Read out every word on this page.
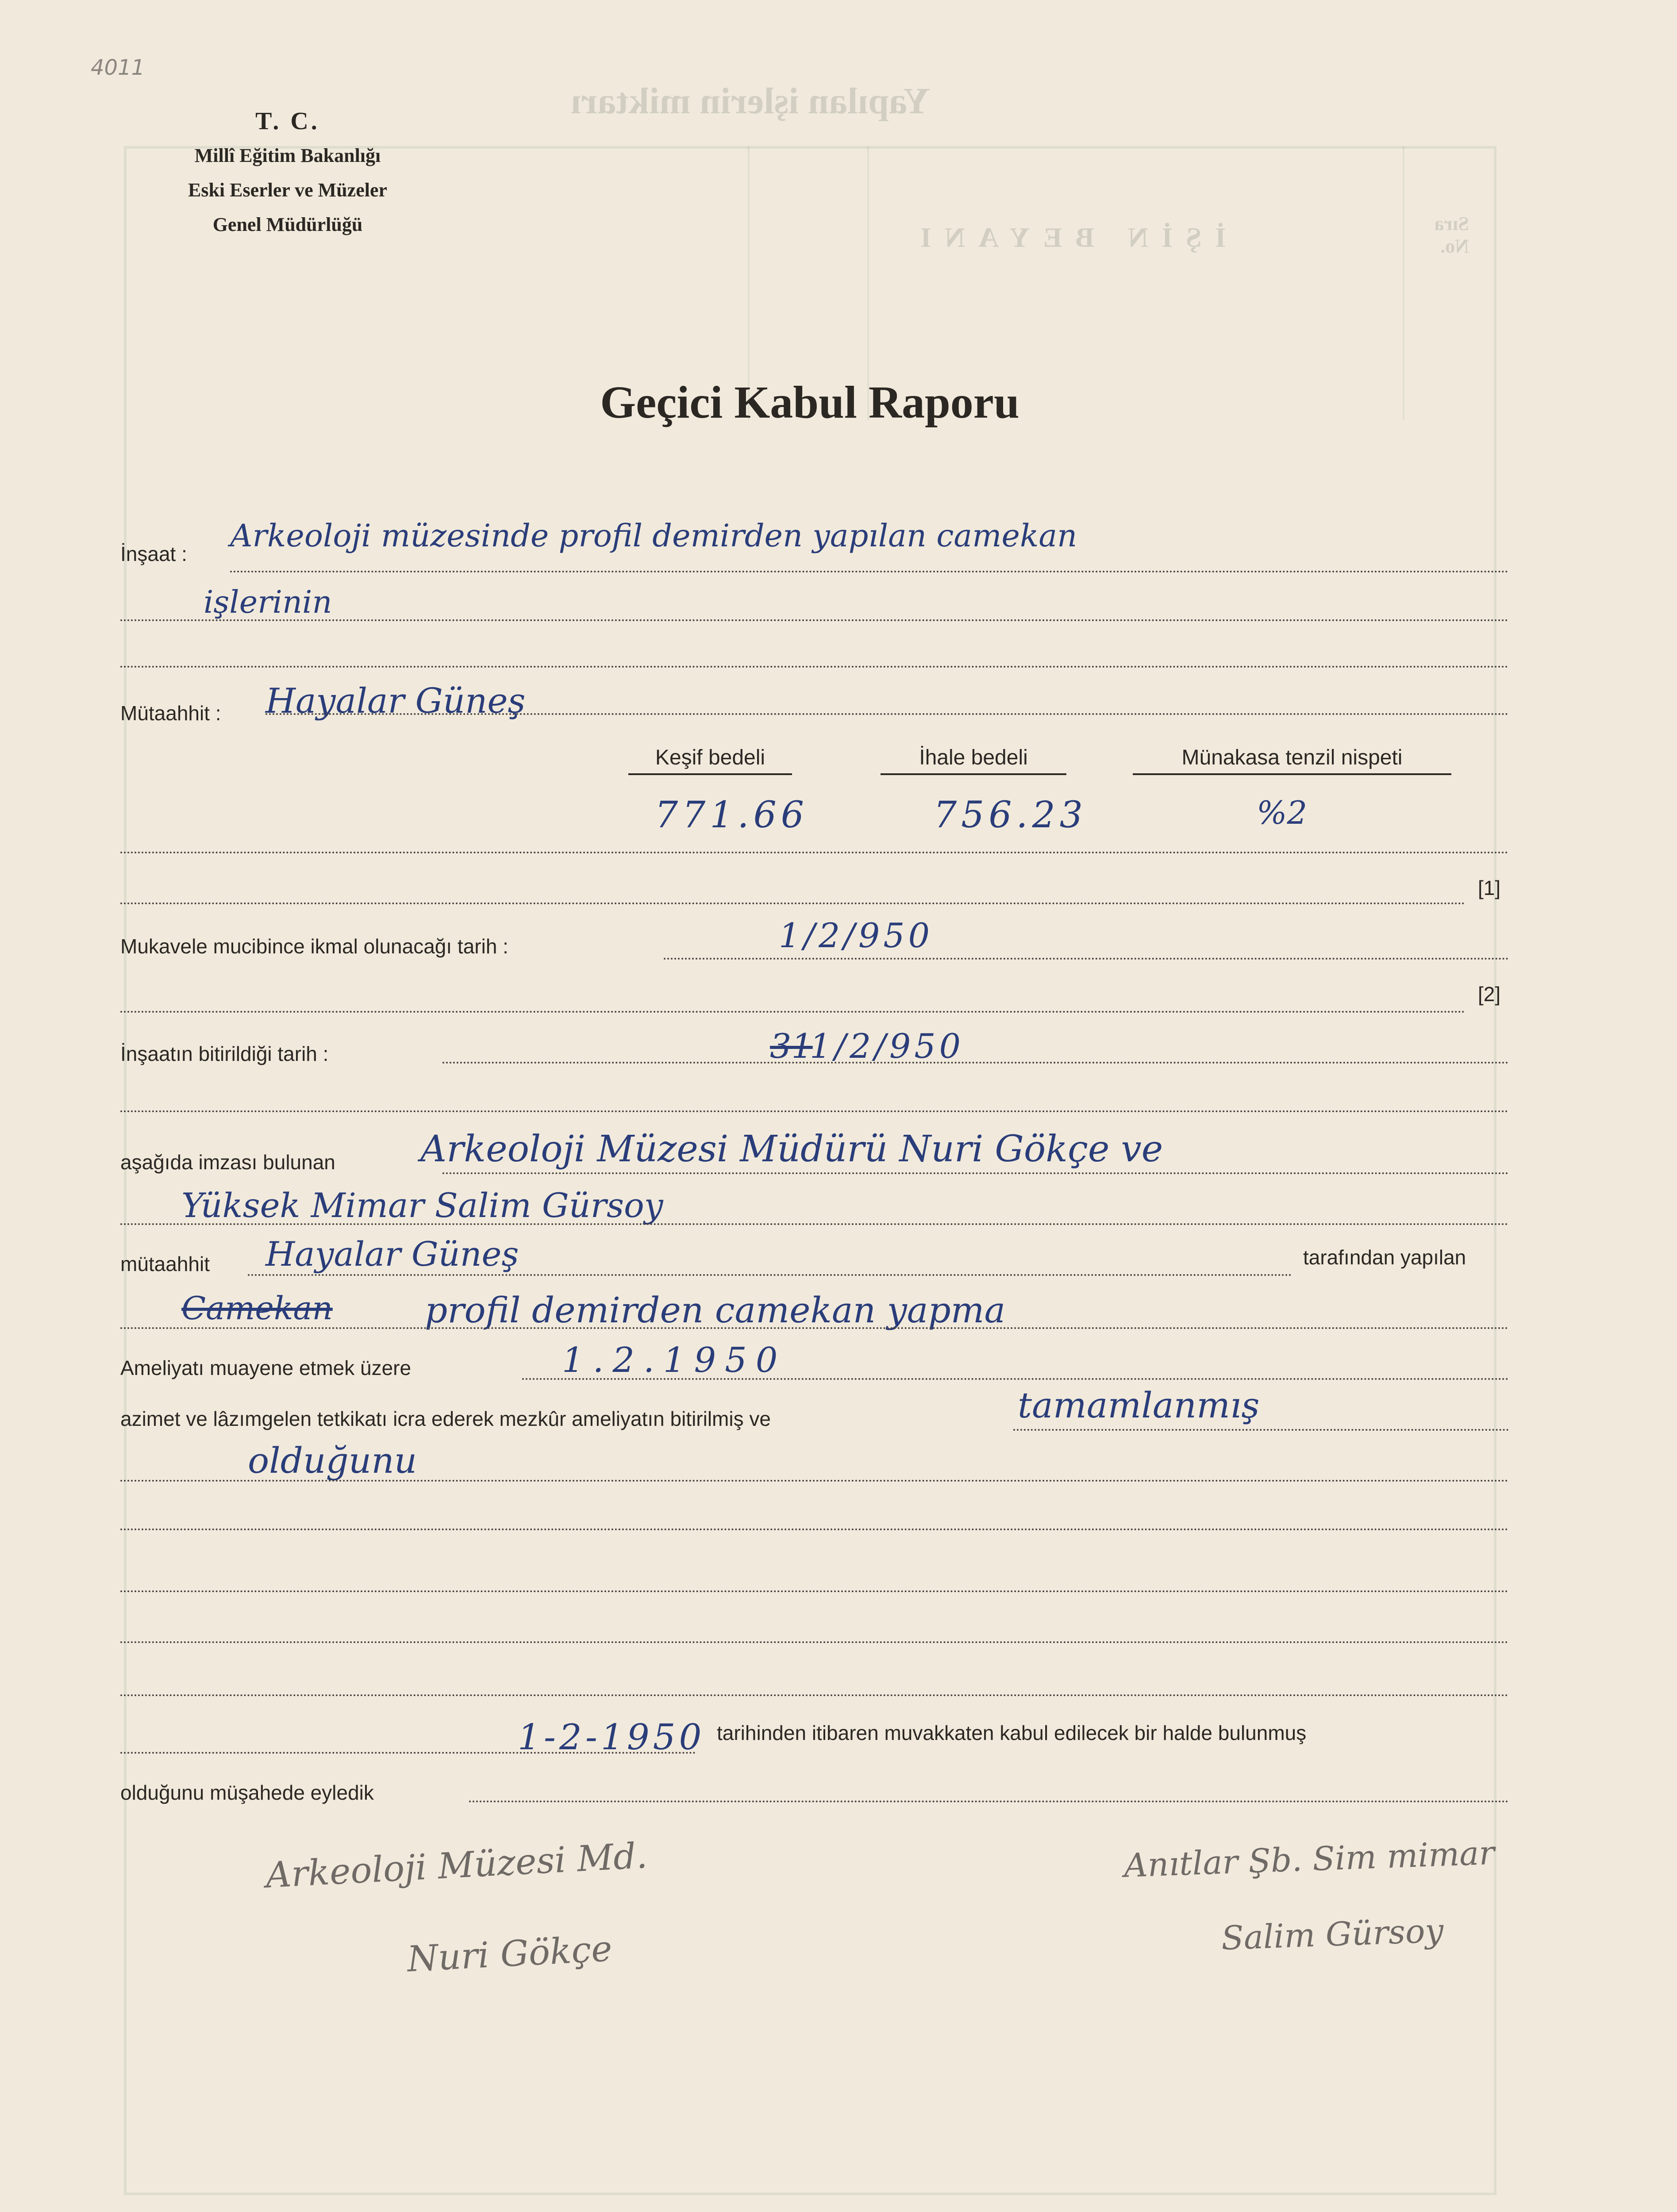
Yapılan işlerin miktarı
İŞİN BEYANI	Sıra No.
4011
T. C.
Millî Eğitim Bakanlığı
Eski Eserler ve Müzeler
Genel Müdürlüğü
Geçici Kabul Raporu
İnşaat : Arkeoloji müzesinde profil demirden yapılan camekan
işlerinin
Mütaahhit : Hayalar Güneş
Keşif bedeli	İhale bedeli	Münakasa tenzil nispeti
771.66	756.23	%2
[1]
Mukavele mucibince ikmal olunacağı tarih :	1/2/950
[2]
İnşaatın bitirildiği tarih :	31
1/2/950
aşağıda imzası bulunan Arkeoloji Müzesi Müdürü Nuri Gökçe ve
Yüksek Mimar Salim Gürsoy
mütaahhit Hayalar Güneş	tarafından yapılan
Camekan	profil demirden camekan yapma
Ameliyatı muayene etmek üzere	1.2.1950
azimet ve lâzımgelen tetkikatı icra ederek mezkûr ameliyatın bitirilmiş ve	tamamlanmış
olduğunu
1-2-1950 tarihinden itibaren muvakkaten kabul edilecek bir halde bulunmuş
olduğunu müşahede eyledik
Arkeoloji Müzesi Md.
Nuri Gökçe
Anıtlar Şb. Sim mimar
Salim Gürsoy
